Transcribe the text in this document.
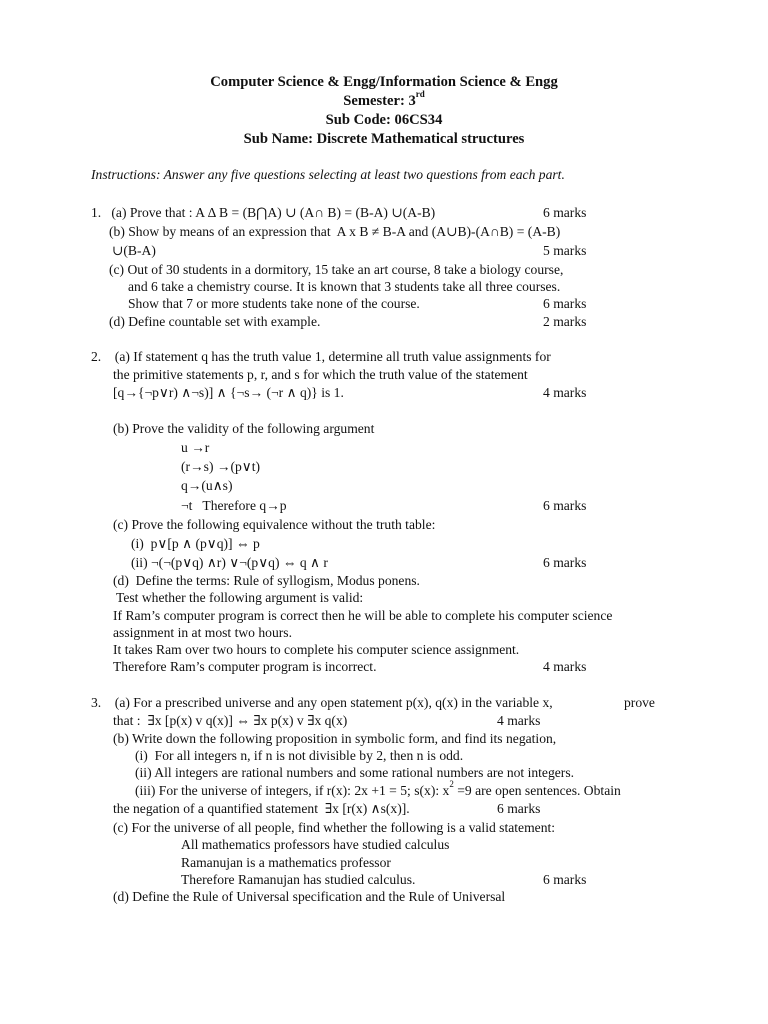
Computer Science & Engg/Information Science & Engg
Semester: 3rd
Sub Code: 06CS34
Sub Name: Discrete Mathematical structures
Instructions: Answer any five questions selecting at least two questions from each part.
1.   (a) Prove that : A Δ B = (B⋂A) ∪ (A∩ B) = (B-A) ∪(A-B)	6 marks
(b) Show by means of an expression that  A x B ≠ B-A and (A∪B)-(A∩B) = (A-B)
∪(B-A)	5 marks
(c) Out of 30 students in a dormitory, 15 take an art course, 8 take a biology course,
and 6 take a chemistry course. It is known that 3 students take all three courses.
Show that 7 or more students take none of the course.	6 marks
(d) Define countable set with example.	2 marks
2.    (a) If statement q has the truth value 1, determine all truth value assignments for
the primitive statements p, r, and s for which the truth value of the statement
[q→{¬p∨r) ∧¬s)] ∧ {¬s→ (¬r ∧ q)} is 1.	4 marks
(b) Prove the validity of the following argument
u →r
(r→s) →(p∨t)
q→(u∧s)
¬t   Therefore q→p	6 marks
(c) Prove the following equivalence without the truth table:
(i)  p∨[p ∧ (p∨q)] ⇔ p
(ii) ¬(¬(p∨q) ∧r) ∨¬(p∨q) ⇔ q ∧ r	6 marks
(d)  Define the terms: Rule of syllogism, Modus ponens.
Test whether the following argument is valid:
If Ram’s computer program is correct then he will be able to complete his computer science
assignment in at most two hours.
It takes Ram over two hours to complete his computer science assignment.
Therefore Ram’s computer program is incorrect.	4 marks
3.    (a) For a prescribed universe and any open statement p(x), q(x) in the variable x,	prove
that :  ∃x [p(x) v q(x)] ⇔ ∃x p(x) v ∃x q(x)	4 marks
(b) Write down the following proposition in symbolic form, and find its negation,
(i)  For all integers n, if n is not divisible by 2, then n is odd.
(ii) All integers are rational numbers and some rational numbers are not integers.
(iii) For the universe of integers, if r(x): 2x +1 = 5; s(x): $x^2 =9$ are open sentences. Obtain
the negation of a quantified statement  ∃x [r(x) ∧s(x)].	6 marks
(c) For the universe of all people, find whether the following is a valid statement:
All mathematics professors have studied calculus
Ramanujan is a mathematics professor
Therefore Ramanujan has studied calculus.	6 marks
(d) Define the Rule of Universal specification and the Rule of Universal
